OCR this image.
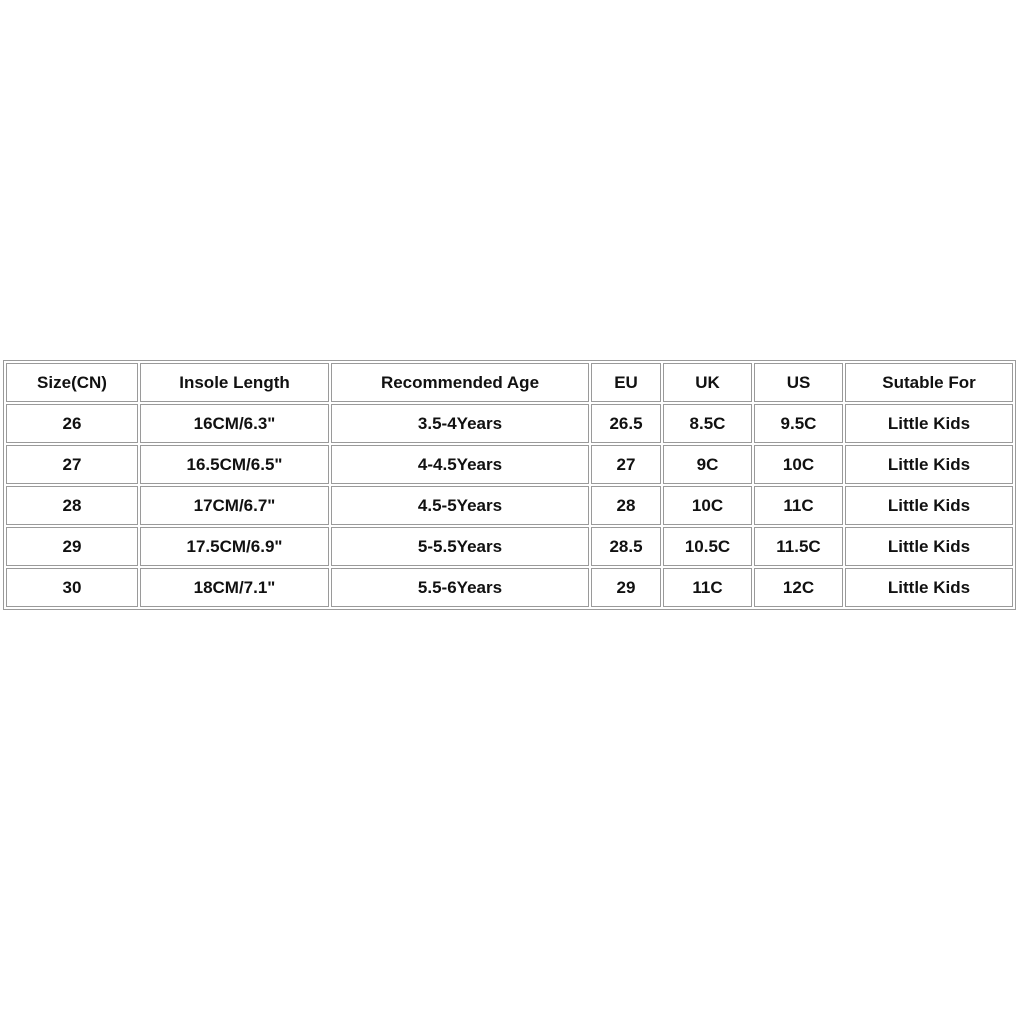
Size(CN)	Insole Length	Recommended Age	EU	UK	US	Sutable For
26	16CM/6.3"	3.5-4Years	26.5	8.5C	9.5C	Little Kids
27	16.5CM/6.5"	4-4.5Years	27	9C	10C	Little Kids
28	17CM/6.7"	4.5-5Years	28	10C	11C	Little Kids
29	17.5CM/6.9"	5-5.5Years	28.5	10.5C	11.5C	Little Kids
30	18CM/7.1"	5.5-6Years	29	11C	12C	Little Kids
